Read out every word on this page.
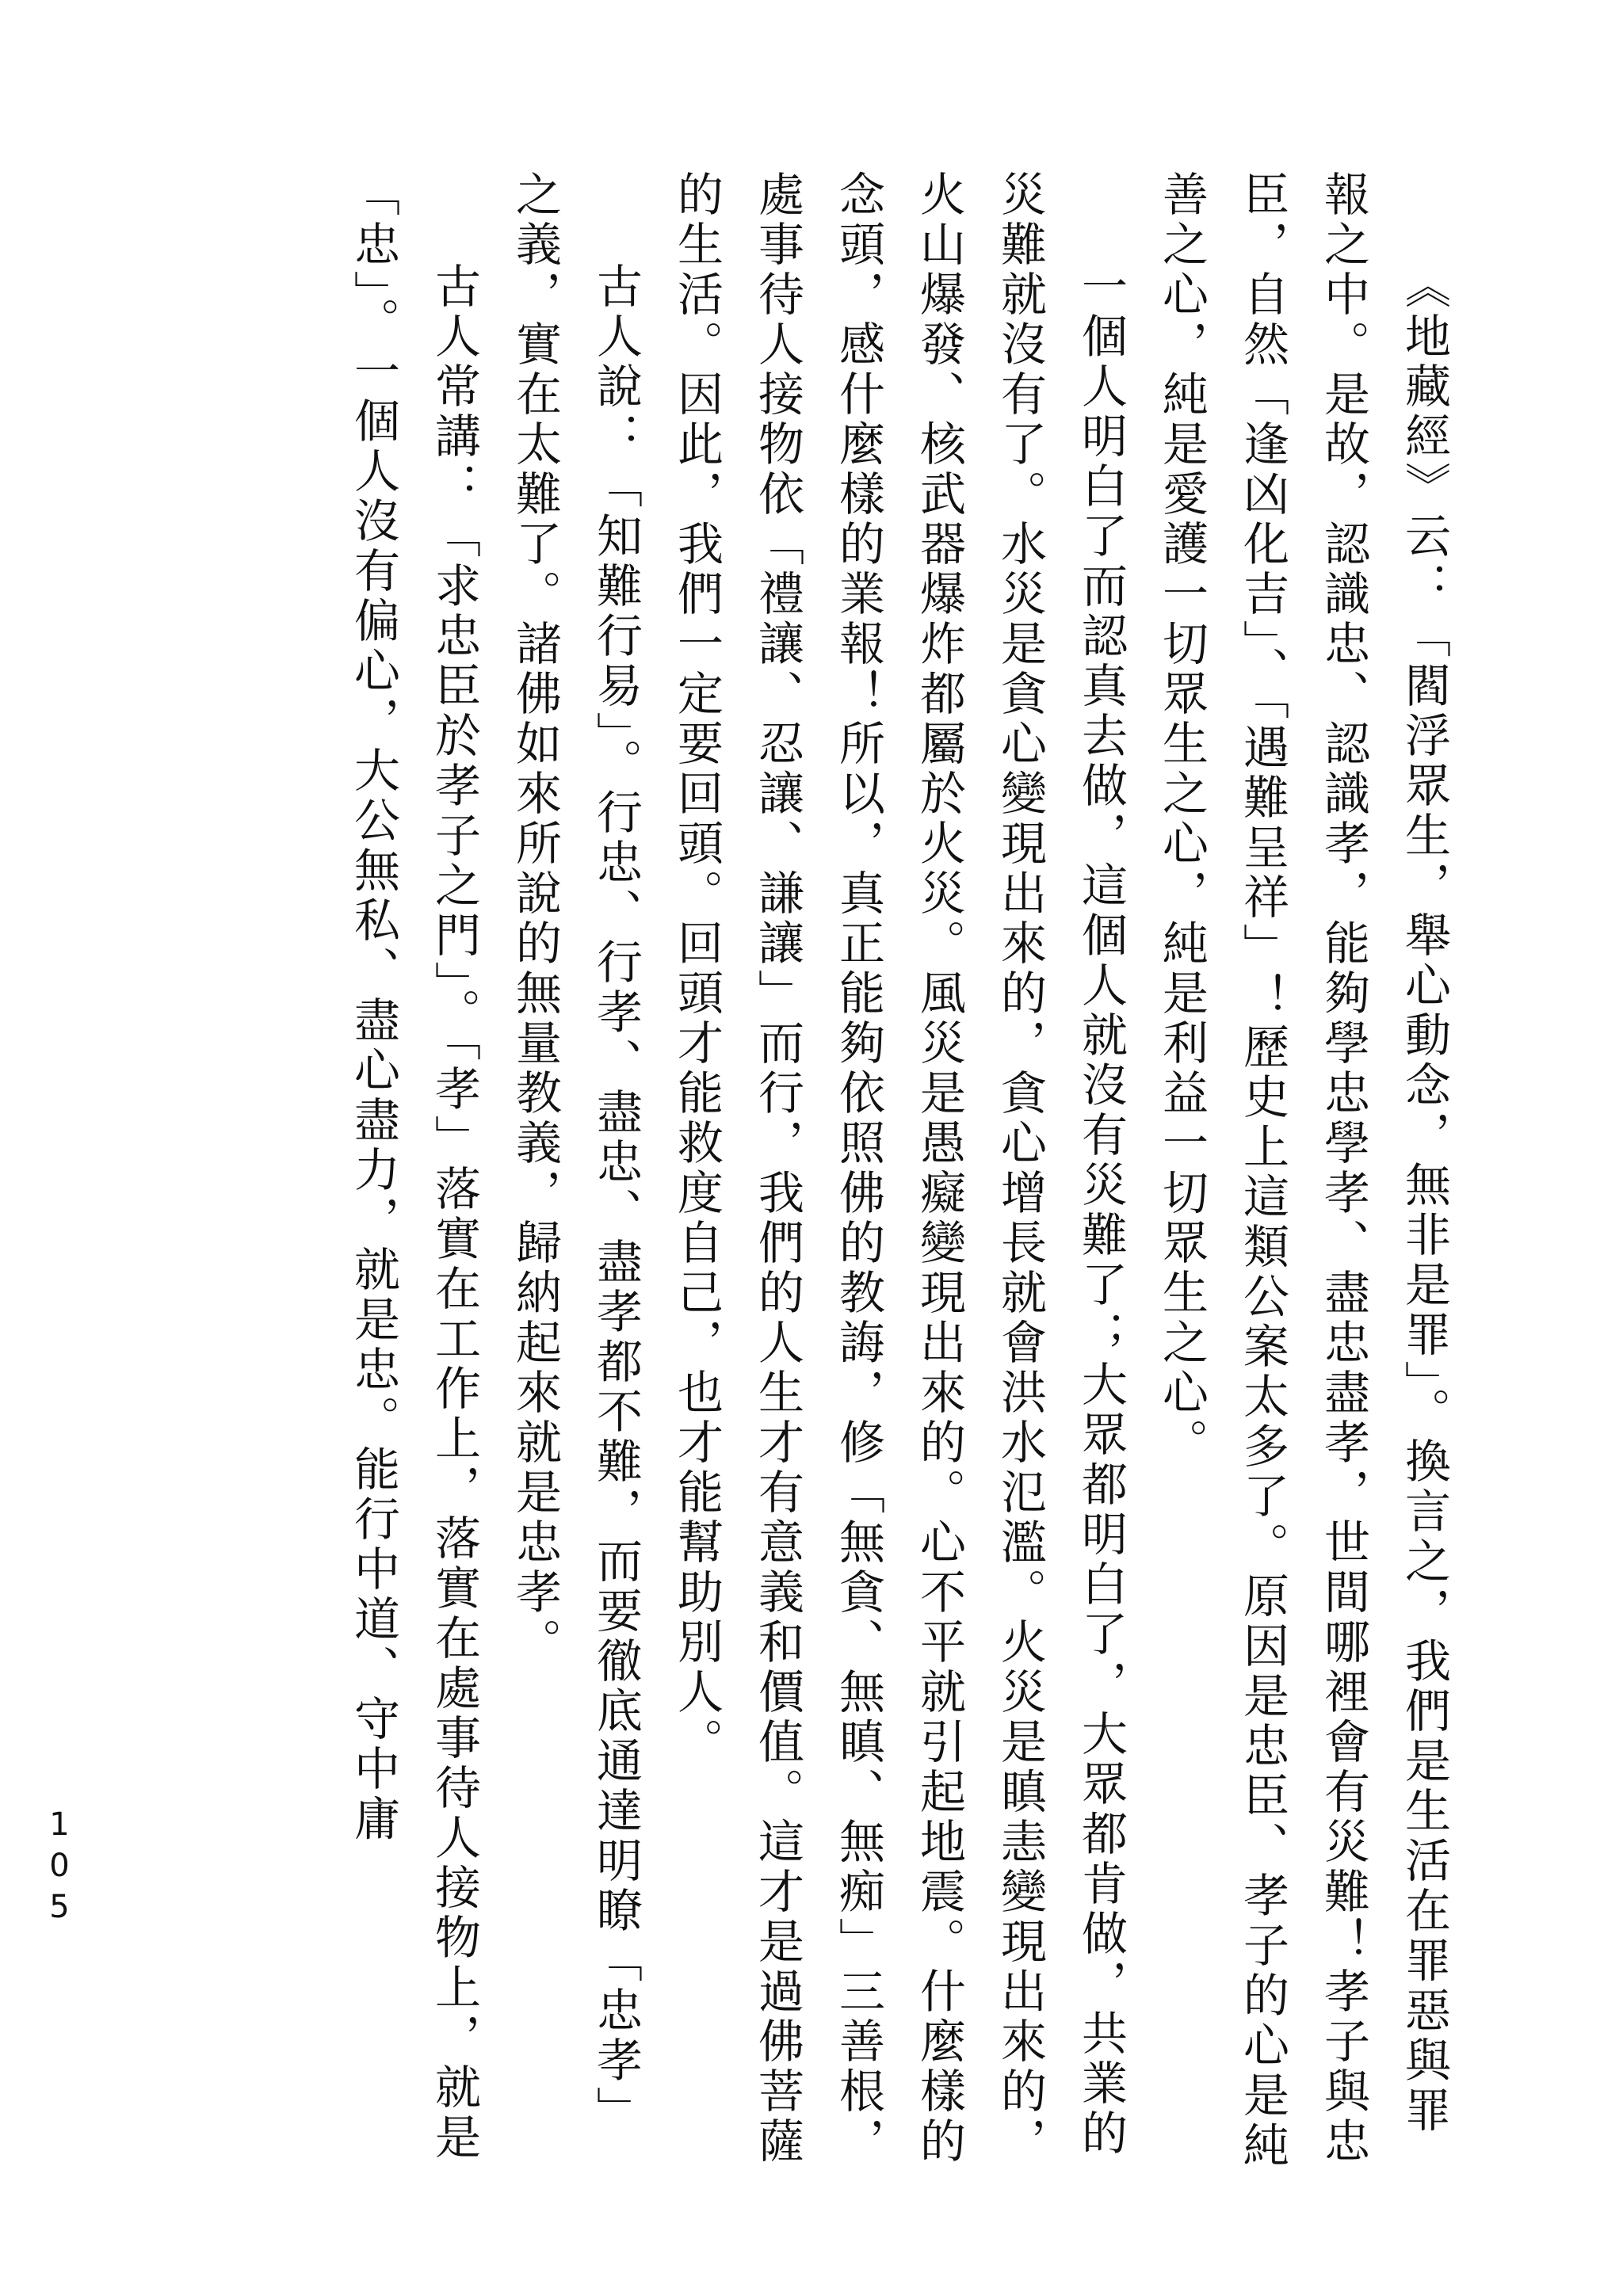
《地藏經》云：「閻浮眾生，舉心動念，無非是罪」。換言之，我們是生活在罪惡與罪報之中。是故，認識忠、認識孝，能夠學忠學孝、盡忠盡孝，世間哪裡會有災難！孝子與忠臣，自然「逢凶化吉」、「遇難呈祥」！歷史上這類公案太多了。原因是忠臣、孝子的心是純善之心，純是愛護一切眾生之心，純是利益一切眾生之心。

一個人明白了而認真去做，這個人就沒有災難了；大眾都明白了，大眾都肯做，共業的災難就沒有了。水災是貪心變現出來的，貪心增長就會洪水氾濫。火災是瞋恚變現出來的，火山爆發、核武器爆炸都屬於火災。風災是愚癡變現出來的。心不平就引起地震。什麼樣的念頭，感什麼樣的業報！所以，真正能夠依照佛的教誨，修「無貪、無瞋、無痴」三善根，處事待人接物依「禮讓、忍讓、謙讓」而行，我們的人生才有意義和價值。這才是過佛菩薩的生活。因此，我們一定要回頭。回頭才能救度自己，也才能幫助別人。

古人說：「知難行易」。行忠、行孝、盡忠、盡孝都不難，而要徹底通達明瞭「忠孝」之義，實在太難了。諸佛如來所說的無量教義，歸納起來就是忠孝。

古人常講：「求忠臣於孝子之門」。「孝」落實在工作上，落實在處事待人接物上，就是「忠」。一個人沒有偏心，大公無私、盡心盡力，就是忠。能行中道、守中庸

105
